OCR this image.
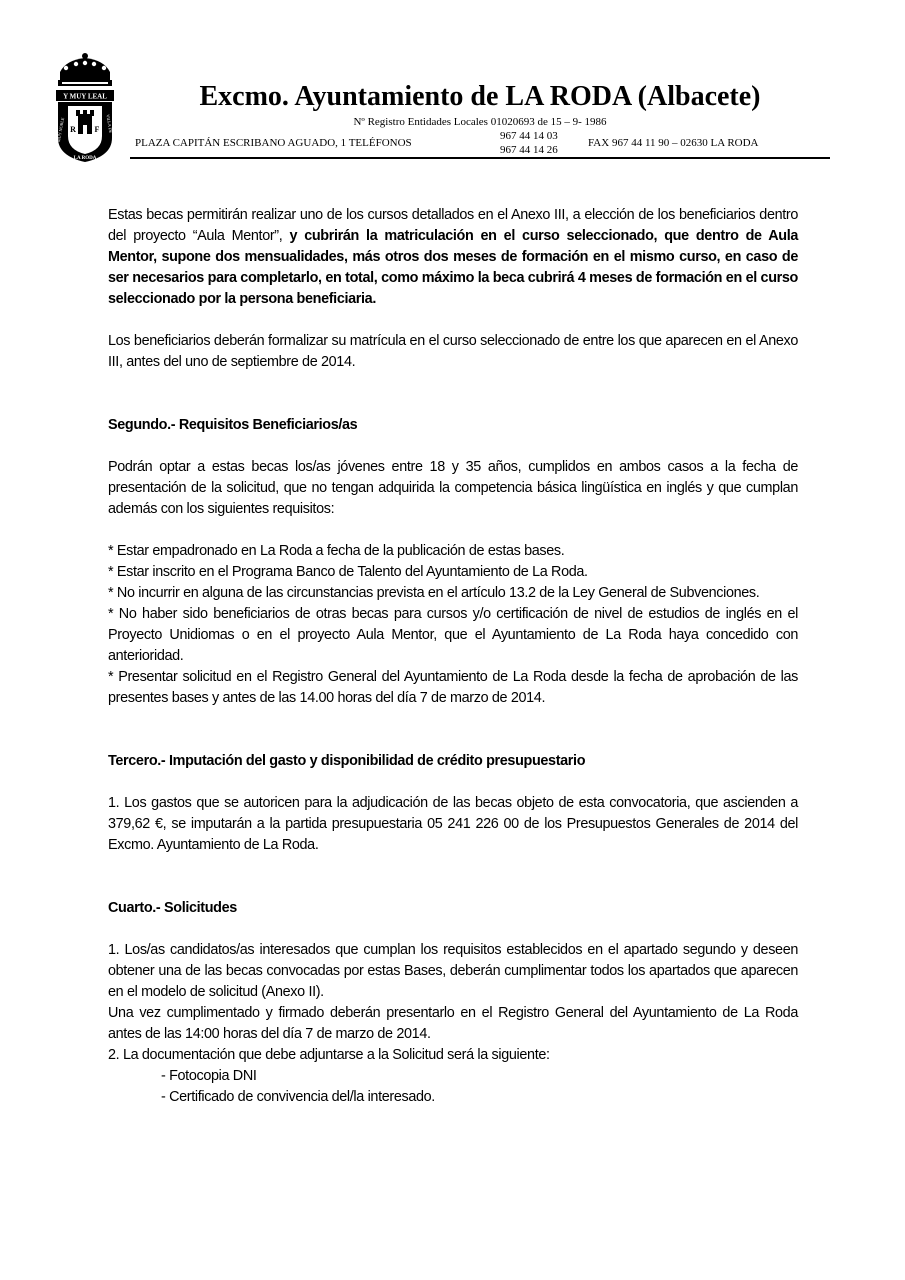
Y MUY LEAL
R F
MUY NOBLE	VILLA DE
LA RODA
Excmo. Ayuntamiento de LA RODA (Albacete)
Nº Registro Entidades Locales 01020693 de 15 – 9- 1986
PLAZA CAPITÁN ESCRIBANO AGUADO, 1 TELÉFONOS
967 44 14 03
967 44 14 26
FAX 967 44 11 90 – 02630 LA RODA

Estas becas permitirán realizar uno de los cursos detallados en el Anexo III, a elección de los beneficiarios dentro del proyecto “Aula Mentor”, y cubrirán la matriculación en el curso seleccionado, que dentro de Aula Mentor, supone dos mensualidades, más otros dos meses de formación en el mismo curso, en caso de ser necesarios para completarlo, en total, como máximo la beca cubrirá 4 meses de formación en el curso seleccionado por la persona beneficiaria.

Los beneficiarios deberán formalizar su matrícula en el curso seleccionado de entre los que aparecen en el Anexo III, antes del uno de septiembre de 2014.

Segundo.- Requisitos Beneficiarios/as

Podrán optar a estas becas los/as jóvenes entre 18 y 35 años, cumplidos en ambos casos a la fecha de presentación de la solicitud, que no tengan adquirida la competencia básica lingüística en inglés y que cumplan además con los siguientes requisitos:

* Estar empadronado en La Roda a fecha de la publicación de estas bases.

* Estar inscrito en el Programa Banco de Talento del Ayuntamiento de La Roda.

* No incurrir en alguna de las circunstancias prevista en el artículo 13.2 de la Ley General de Subvenciones.

* No haber sido beneficiarios de otras becas para cursos y/o certificación de nivel de estudios de inglés en el Proyecto Unidiomas o en el proyecto Aula Mentor, que el Ayuntamiento de La Roda haya concedido con anterioridad.

* Presentar solicitud en el Registro General del Ayuntamiento de La Roda desde la fecha de aprobación de las presentes bases y antes de las 14.00 horas del día 7 de marzo de 2014.

Tercero.- Imputación del gasto y disponibilidad de crédito presupuestario

1. Los gastos que se autoricen para la adjudicación de las becas objeto de esta convocatoria, que ascienden a 379,62 €, se imputarán a la partida presupuestaria 05 241 226 00 de los Presupuestos Generales de 2014 del Excmo. Ayuntamiento de La Roda.

Cuarto.- Solicitudes

1. Los/as candidatos/as interesados que cumplan los requisitos establecidos en el apartado segundo y deseen obtener una de las becas convocadas por estas Bases, deberán cumplimentar todos los apartados que aparecen en el modelo de solicitud (Anexo II).

Una vez cumplimentado y firmado deberán presentarlo en el Registro General del Ayuntamiento de La Roda antes de las 14:00 horas del día 7 de marzo de 2014.

2. La documentación que debe adjuntarse a la Solicitud será la siguiente:

- Fotocopia DNI

- Certificado de convivencia del/la interesado.
